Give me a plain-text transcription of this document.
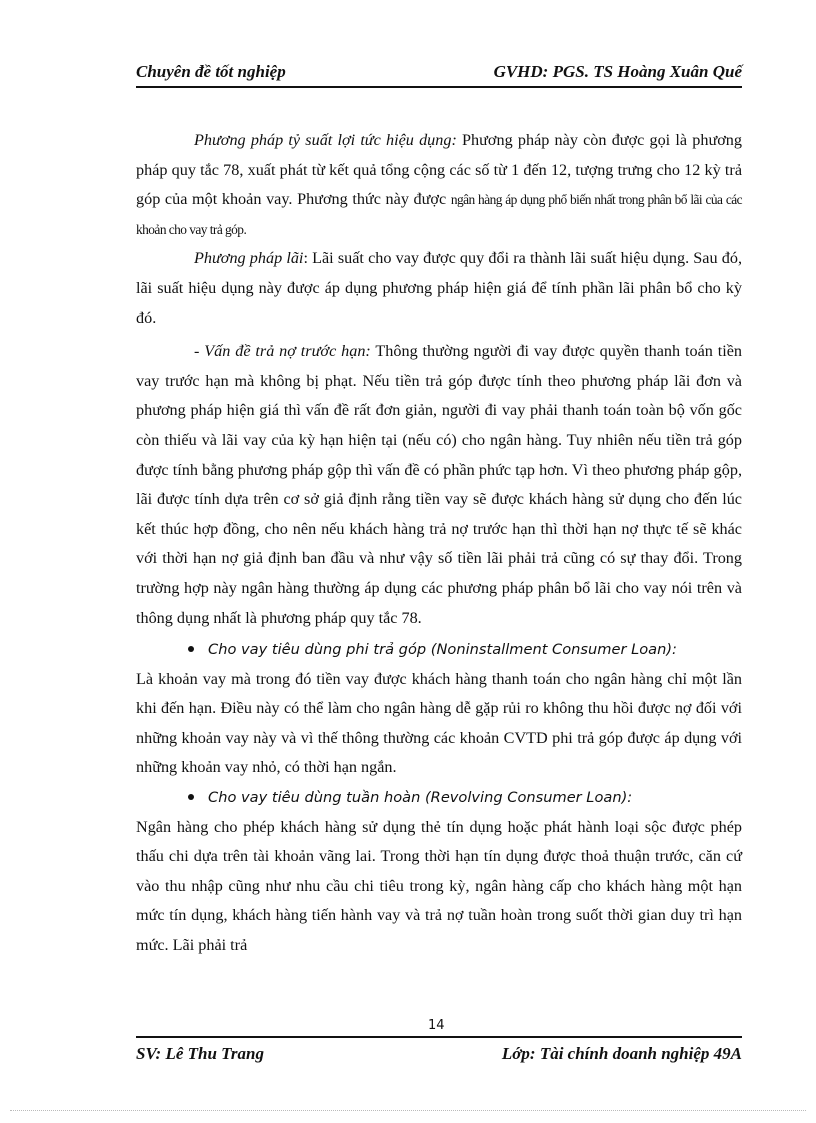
Chuyên đề tốt nghiệp	GVHD: PGS. TS Hoàng Xuân Quế

Phương pháp tỷ suất lợi tức hiệu dụng: Phương pháp này còn được gọi là phương pháp quy tắc 78, xuất phát từ kết quả tổng cộng các số từ 1 đến 12, tượng trưng cho 12 kỳ trả góp của một khoản vay. Phương thức này được ngân hàng áp dụng phổ biến nhất trong phân bổ lãi của các khoản cho vay trả góp.

Phương pháp lãi: Lãi suất cho vay được quy đổi ra thành lãi suất hiệu dụng. Sau đó, lãi suất hiệu dụng này được áp dụng phương pháp hiện giá để tính phần lãi phân bổ cho kỳ đó.

- Vấn đề trả nợ trước hạn: Thông thường người đi vay được quyền thanh toán tiền vay trước hạn mà không bị phạt. Nếu tiền trả góp được tính theo phương pháp lãi đơn và phương pháp hiện giá thì vấn đề rất đơn giản, người đi vay phải thanh toán toàn bộ vốn gốc còn thiếu và lãi vay của kỳ hạn hiện tại (nếu có) cho ngân hàng. Tuy nhiên nếu tiền trả góp được tính bằng phương pháp gộp thì vấn đề có phần phức tạp hơn. Vì theo phương pháp gộp, lãi được tính dựa trên cơ sở giả định rằng tiền vay sẽ được khách hàng sử dụng cho đến lúc kết thúc hợp đồng, cho nên nếu khách hàng trả nợ trước hạn thì thời hạn nợ thực tế sẽ khác với thời hạn nợ giả định ban đầu và như vậy số tiền lãi phải trả cũng có sự thay đổi. Trong trường hợp này ngân hàng thường áp dụng các phương pháp phân bổ lãi cho vay nói trên và thông dụng nhất là phương pháp quy tắc 78.

Cho vay tiêu dùng phi trả góp (Noninstallment Consumer Loan):

Là khoản vay mà trong đó tiền vay được khách hàng thanh toán cho ngân hàng chỉ một lần khi đến hạn. Điều này có thể làm cho ngân hàng dễ gặp rủi ro không thu hồi được nợ đối với những khoản vay này và vì thế thông thường các khoản CVTD phi trả góp được áp dụng với những khoản vay nhỏ, có thời hạn ngắn.

Cho vay tiêu dùng tuần hoàn (Revolving Consumer Loan):

Ngân hàng cho phép khách hàng sử dụng thẻ tín dụng hoặc phát hành loại sộc được phép thấu chi dựa trên tài khoản vãng lai. Trong thời hạn tín dụng được thoả thuận trước, căn cứ vào thu nhập cũng như nhu cầu chi tiêu trong kỳ, ngân hàng cấp cho khách hàng một hạn mức tín dụng, khách hàng tiến hành vay và trả nợ tuần hoàn trong suốt thời gian duy trì hạn mức. Lãi phải trả

14
SV: Lê Thu Trang	Lớp: Tài chính doanh nghiệp 49A
